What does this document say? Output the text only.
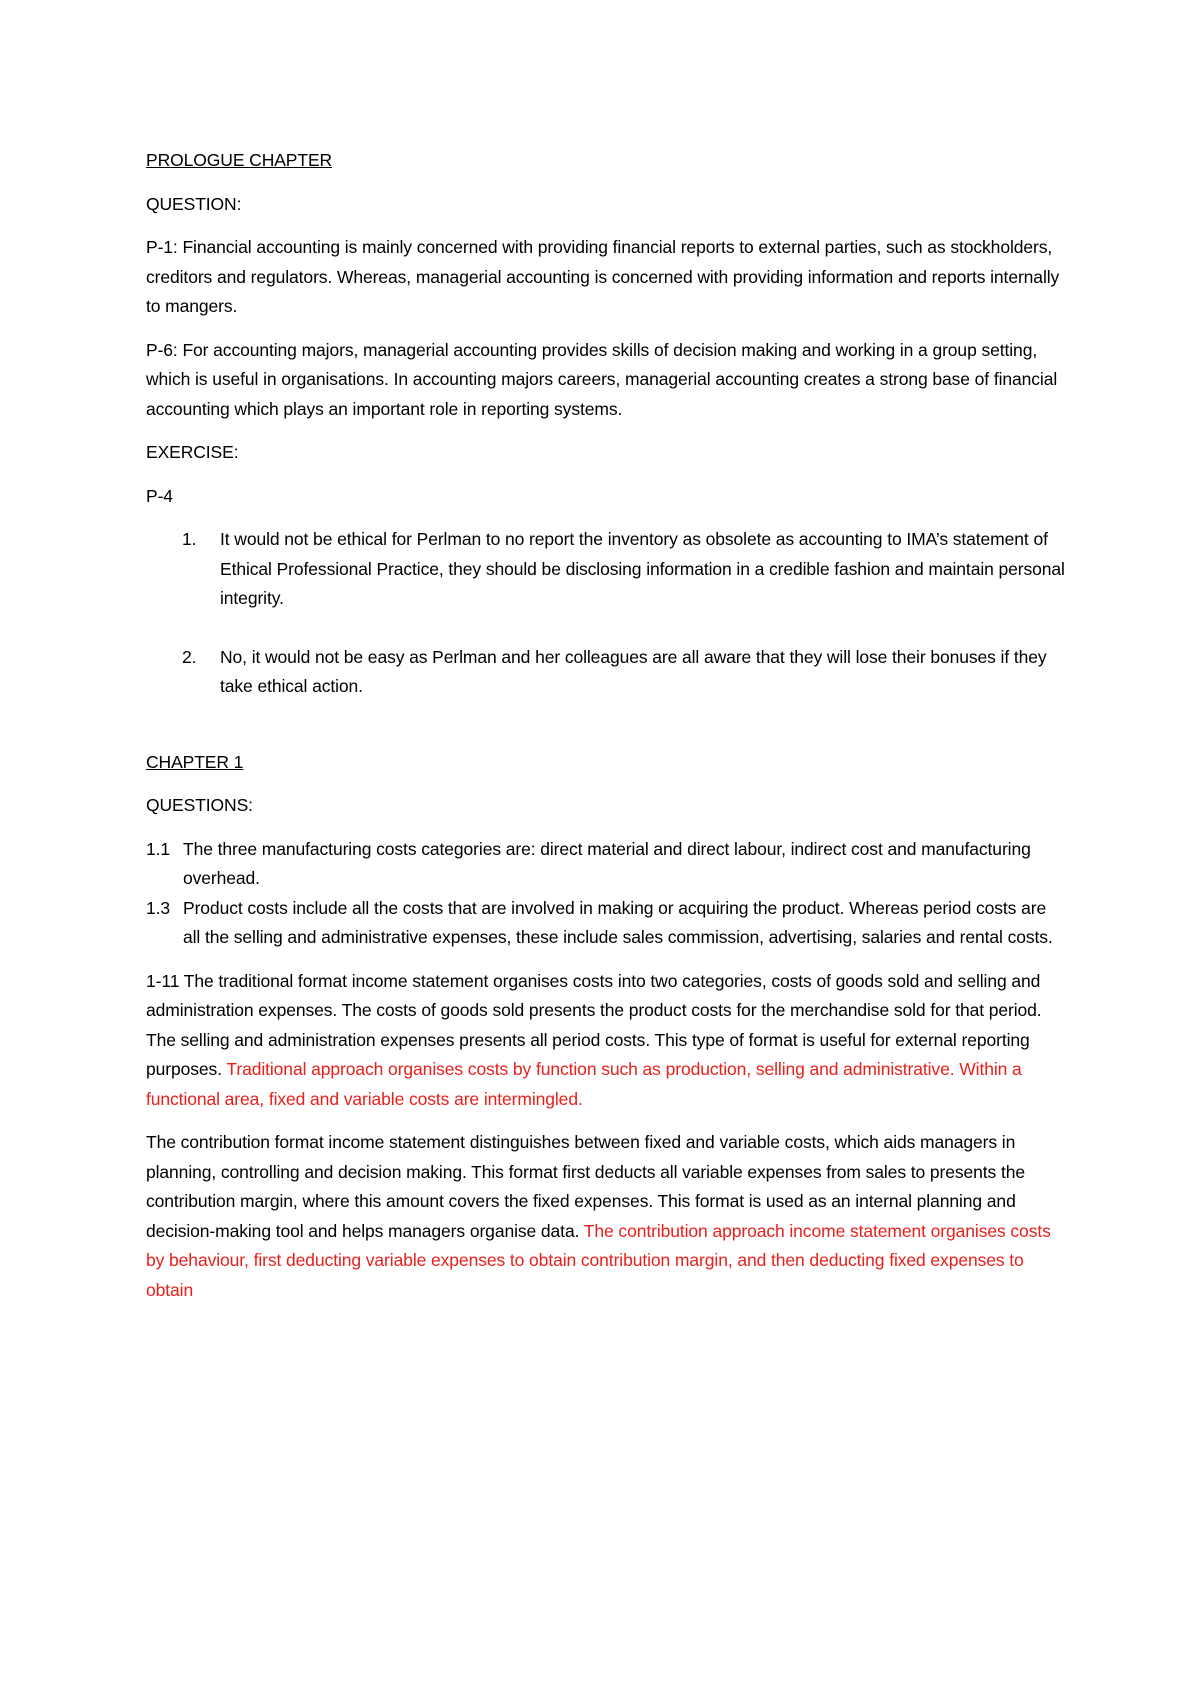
PROLOGUE CHAPTER

QUESTION:

P-1: Financial accounting is mainly concerned with providing financial reports to external parties, such as stockholders, creditors and regulators. Whereas, managerial accounting is concerned with providing information and reports internally to mangers.

P-6: For accounting majors, managerial accounting provides skills of decision making and working in a group setting, which is useful in organisations. In accounting majors careers, managerial accounting creates a strong base of financial accounting which plays an important role in reporting systems.

EXERCISE:

P-4

1. It would not be ethical for Perlman to no report the inventory as obsolete as accounting to IMA’s statement of Ethical Professional Practice, they should be disclosing information in a credible fashion and maintain personal integrity.
2. No, it would not be easy as Perlman and her colleagues are all aware that they will lose their bonuses if they take ethical action.

CHAPTER 1

QUESTIONS:

1.1 The three manufacturing costs categories are: direct material and direct labour, indirect cost and manufacturing overhead.
1.3 Product costs include all the costs that are involved in making or acquiring the product. Whereas period costs are all the selling and administrative expenses, these include sales commission, advertising, salaries and rental costs.

1-11 The traditional format income statement organises costs into two categories, costs of goods sold and selling and administration expenses. The costs of goods sold presents the product costs for the merchandise sold for that period. The selling and administration expenses presents all period costs. This type of format is useful for external reporting purposes. Traditional approach organises costs by function such as production, selling and administrative. Within a functional area, fixed and variable costs are intermingled.

The contribution format income statement distinguishes between fixed and variable costs, which aids managers in planning, controlling and decision making. This format first deducts all variable expenses from sales to presents the contribution margin, where this amount covers the fixed expenses. This format is used as an internal planning and decision-making tool and helps managers organise data. The contribution approach income statement organises costs by behaviour, first deducting variable expenses to obtain contribution margin, and then deducting fixed expenses to obtain
